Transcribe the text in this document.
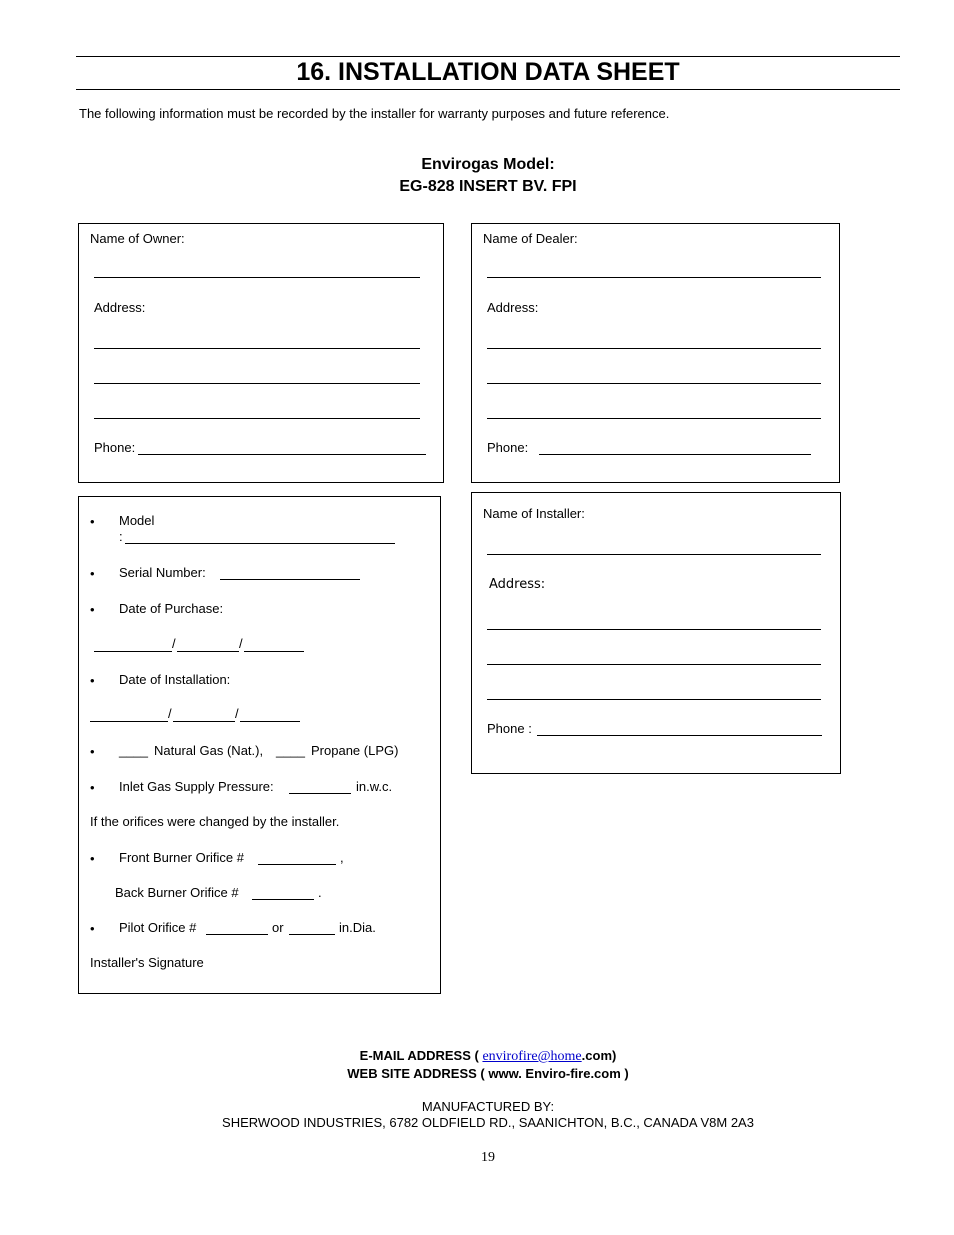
16. INSTALLATION DATA SHEET
The following information must be recorded by the installer for warranty purposes and future reference.
Envirogas Model:
EG-828 INSERT BV. FPI
Name of Owner:
Address:
Phone:
Name of Dealer:
Address:
Phone:
• Model
:
• Serial Number:
• Date of Purchase:
/	/
• Date of Installation:
/	/
• ____ Natural Gas (Nat.), ____ Propane (LPG)
• Inlet Gas Supply Pressure:	in.w.c.
If the orifices were changed by the installer.
• Front Burner Orifice #	,
Back Burner Orifice #	.
• Pilot Orifice #	or	in.Dia.
Installer's Signature
Name of Installer:
Address:
Phone :
E-MAIL ADDRESS ( envirofire@home.com)
WEB SITE ADDRESS ( www. Enviro-fire.com )
MANUFACTURED BY:
SHERWOOD INDUSTRIES, 6782 OLDFIELD RD., SAANICHTON, B.C., CANADA V8M 2A3
19
